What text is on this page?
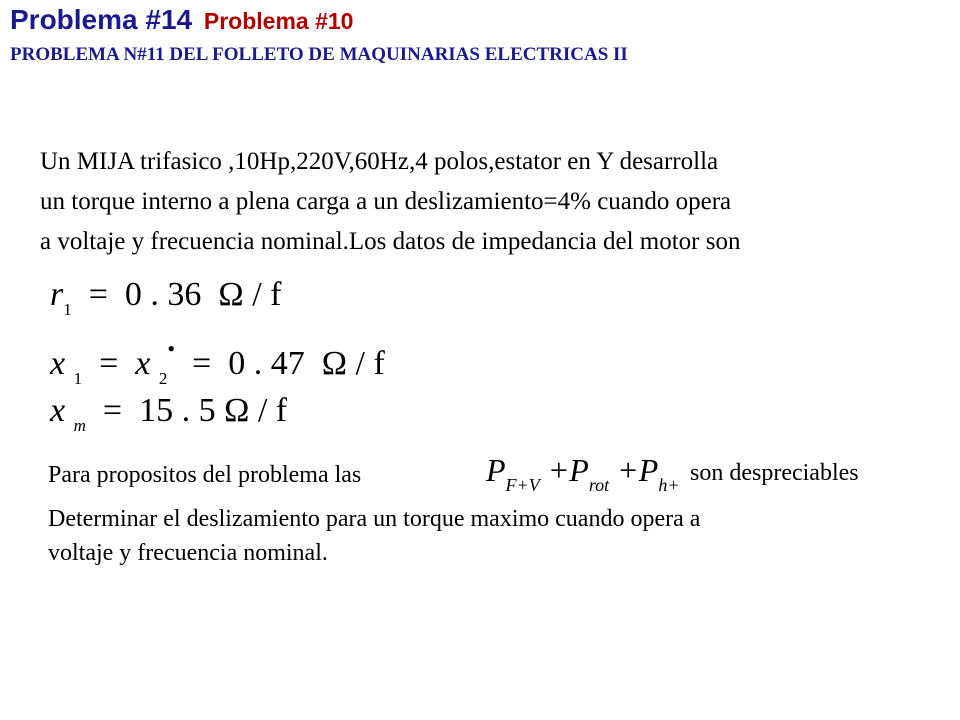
Problema #14 Problema #10
PROBLEMA N#11 DEL FOLLETO DE MAQUINARIAS ELECTRICAS II
Un MIJA trifasico ,10Hp,220V,60Hz,4 polos,estator en Y desarrolla
un torque interno a plena carga a un deslizamiento=4% cuando opera
a voltaje y frecuencia nominal.Los datos de impedancia del motor son
$r_1 = 0$ . 36 Ω / f
x $_1$  =  x $_2$•  =  0 . 47 Ω / f
x $_m$  =  15 . 5 Ω / f
Para propositos del problema las	$P_{F+V} +P_{rot} +P_{h+}$ son despreciables
Determinar el deslizamiento para un torque maximo cuando opera a
voltaje y frecuencia nominal.
